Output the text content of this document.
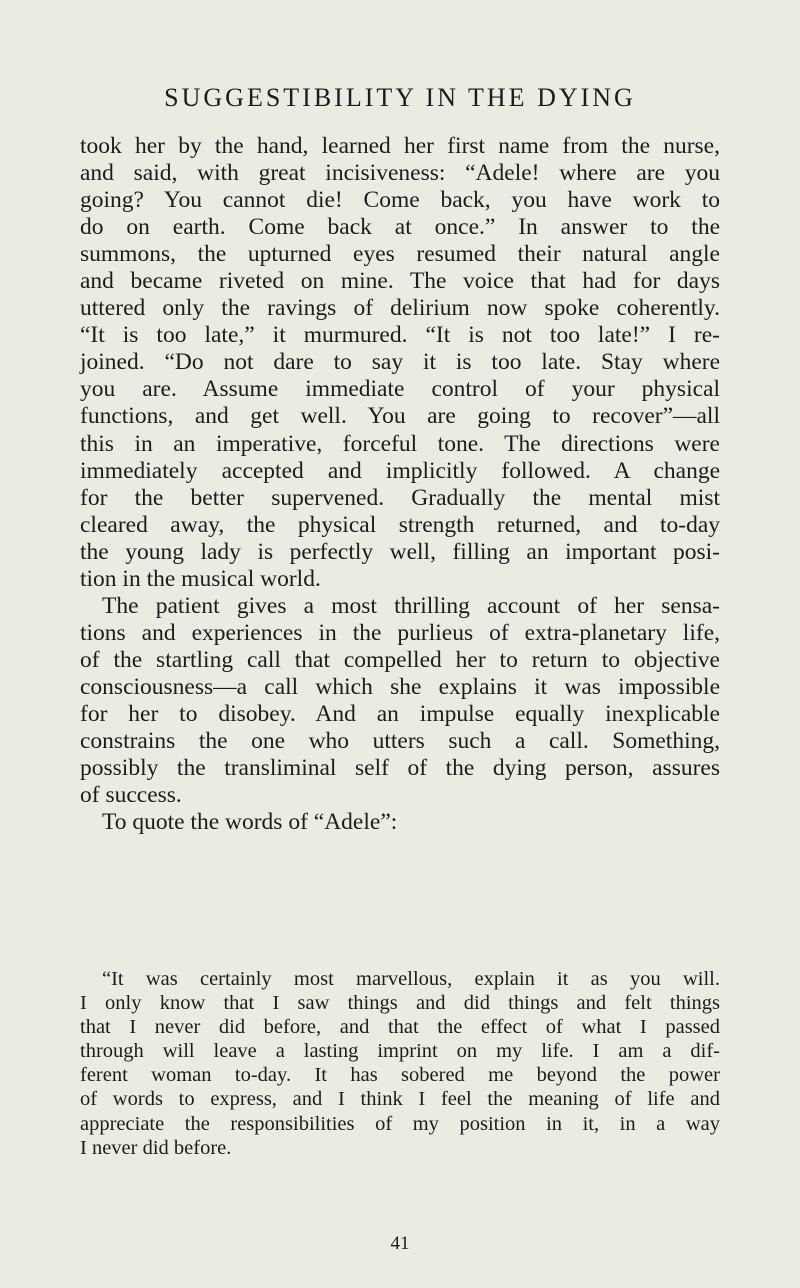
SUGGESTIBILITY IN THE DYING
took her by the hand, learned her first name from the nurse,
and said, with great incisiveness: “Adele! where are you
going? You cannot die! Come back, you have work to
do on earth. Come back at once.” In answer to the
summons, the upturned eyes resumed their natural angle
and became riveted on mine. The voice that had for days
uttered only the ravings of delirium now spoke coherently.
“It is too late,” it murmured. “It is not too late!” I re-
joined. “Do not dare to say it is too late. Stay where
you are. Assume immediate control of your physical
functions, and get well. You are going to recover”—all
this in an imperative, forceful tone. The directions were
immediately accepted and implicitly followed. A change
for the better supervened. Gradually the mental mist
cleared away, the physical strength returned, and to-day
the young lady is perfectly well, filling an important posi-
tion in the musical world.
The patient gives a most thrilling account of her sensa-
tions and experiences in the purlieus of extra-planetary life,
of the startling call that compelled her to return to objective
consciousness—a call which she explains it was impossible
for her to disobey. And an impulse equally inexplicable
constrains the one who utters such a call. Something,
possibly the transliminal self of the dying person, assures
of success.
To quote the words of “Adele”:
“It was certainly most marvellous, explain it as you will.
I only know that I saw things and did things and felt things
that I never did before, and that the effect of what I passed
through will leave a lasting imprint on my life. I am a dif-
ferent woman to-day. It has sobered me beyond the power
of words to express, and I think I feel the meaning of life and
appreciate the responsibilities of my position in it, in a way
I never did before.
41
